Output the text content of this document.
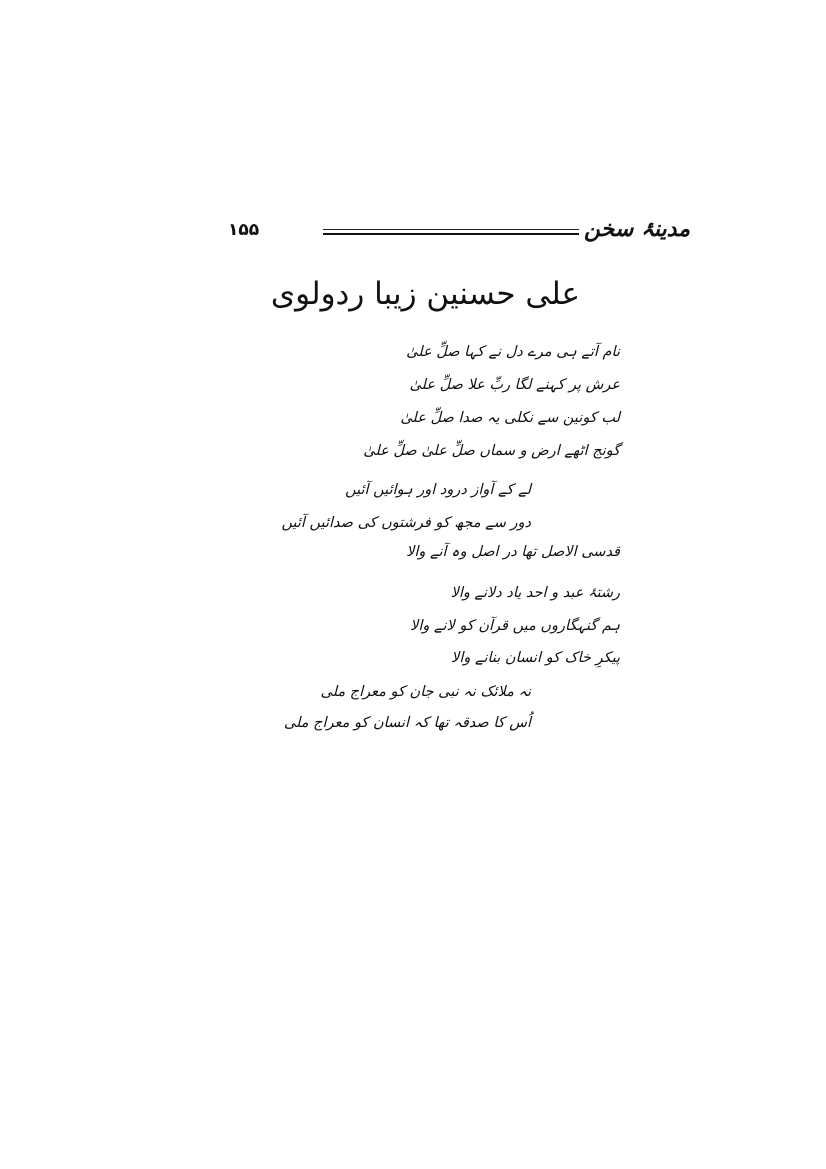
مدینۂ سخن
۱۵۵
علی حسنین زیبا ردولوی
نام آتے ہی مرے دل نے کہا صلِّ علیٰ
عرش پر کہنے لگا ربِّ علا صلِّ علیٰ
لب کونین سے نکلی یہ صدا صلِّ علیٰ
گونج اٹھے ارض و سماں صلِّ علیٰ صلِّ علیٰ
لے کے آواز درود اور ہوائیں آئیں
دور سے مجھ کو فرشتوں کی صدائیں آئیں
قدسی الاصل تھا در اصل وہ آنے والا
رشتۂ عبد و احد یاد دلانے والا
ہم گنہگاروں میں قرآن کو لانے والا
پیکرِ خاک کو انسان بنانے والا
نہ ملائک نہ نبی جان کو معراج ملی
اُس کا صدقہ تھا کہ انسان کو معراج ملی
